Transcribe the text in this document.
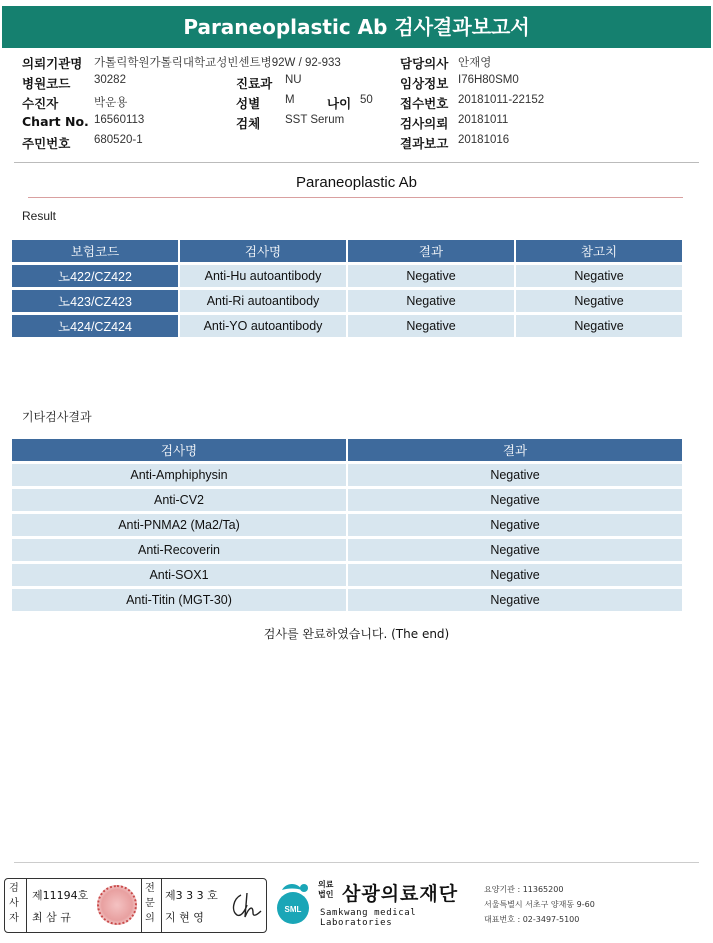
Paraneoplastic Ab 검사결과보고서
의뢰기관명 가톨릭학원가톨릭대학교성빈센트병92W / 92-933	담당의사 안재영
병원코드 30282	진료과 NU	임상정보 I76H80SM0
수진자	박운용	성별 M	나이 50 접수번호 20181011-22152
Chart No. 16560113	검체 SST Serum	검사의뢰 20181011
주민번호 680520-1	결과보고 20181016
Paraneoplastic Ab
Result
보험코드	검사명	결과	참고치
노422/CZ422	Anti-Hu autoantibody	Negative	Negative
노423/CZ423	Anti-Ri autoantibody	Negative	Negative
노424/CZ424	Anti-YO autoantibody	Negative	Negative
기타검사결과
검사명	결과
Anti-Amphiphysin	Negative
Anti-CV2	Negative
Anti-PNMA2 (Ma2/Ta)	Negative
Anti-Recoverin	Negative
Anti-SOX1	Negative
Anti-Titin (MGT-30)	Negative
검사를 완료하였습니다. (The end)
검사자
제11194호
최 삼 규
전문의
제3 3 3 호
지 현 영
SML
의료
법인 삼광의료재단
Samkwang medical Laboratories
요양기관 : 11365200
서울특별시 서초구 양재동 9-60
대표번호 : 02-3497-5100
